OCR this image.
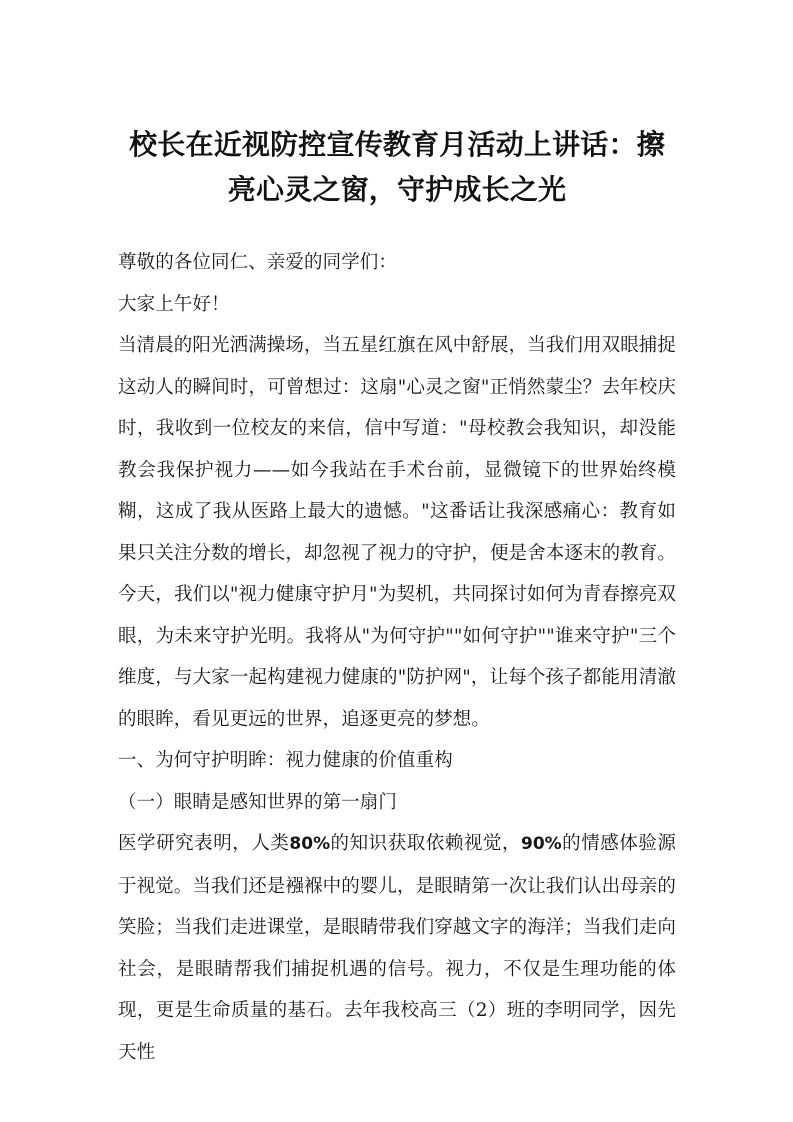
校长在近视防控宣传教育月活动上讲话：擦
亮心灵之窗，守护成长之光

尊敬的各位同仁、亲爱的同学们：

大家上午好！

当清晨的阳光洒满操场，当五星红旗在风中舒展，当我们用双眼捕捉这动人的瞬间时，可曾想过：这扇"心灵之窗"正悄然蒙尘？去年校庆时，我收到一位校友的来信，信中写道："母校教会我知识，却没能教会我保护视力——如今我站在手术台前，显微镜下的世界始终模糊，这成了我从医路上最大的遗憾。"这番话让我深感痛心：教育如果只关注分数的增长，却忽视了视力的守护，便是舍本逐末的教育。

今天，我们以"视力健康守护月"为契机，共同探讨如何为青春擦亮双眼，为未来守护光明。我将从"为何守护""如何守护""谁来守护"三个维度，与大家一起构建视力健康的"防护网"，让每个孩子都能用清澈的眼眸，看见更远的世界，追逐更亮的梦想。

一、为何守护明眸：视力健康的价值重构

（一）眼睛是感知世界的第一扇门

医学研究表明，人类80%的知识获取依赖视觉，90%的情感体验源于视觉。当我们还是襁褓中的婴儿，是眼睛第一次让我们认出母亲的笑脸；当我们走进课堂，是眼睛带我们穿越文字的海洋；当我们走向社会，是眼睛帮我们捕捉机遇的信号。视力，不仅是生理功能的体现，更是生命质量的基石。去年我校高三（2）班的李明同学，因先天性
